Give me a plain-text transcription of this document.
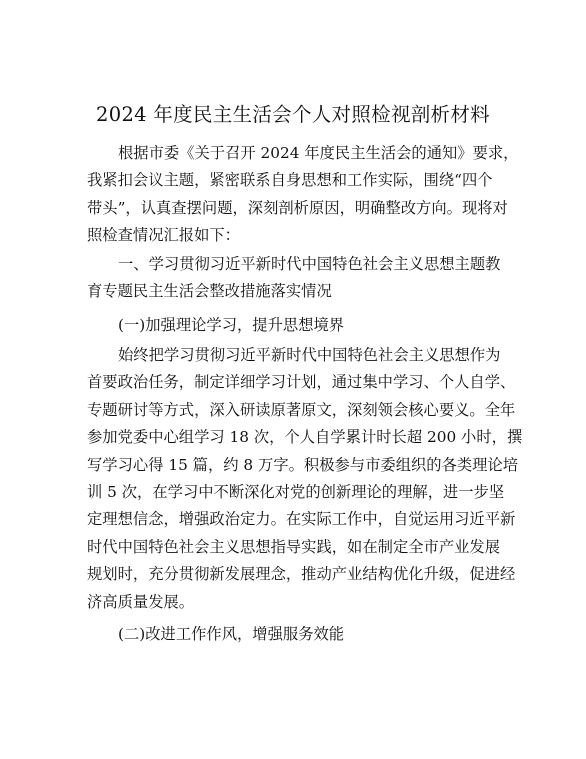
2024 年度民主生活会个人对照检视剖析材料
根据市委《关于召开 2024 年度民主生活会的通知》要求，
我紧扣会议主题，紧密联系自身思想和工作实际，围绕“四个
带头”，认真查摆问题，深刻剖析原因，明确整改方向。现将对
照检查情况汇报如下：
一、学习贯彻习近平新时代中国特色社会主义思想主题教
育专题民主生活会整改措施落实情况
(一)加强理论学习，提升思想境界
始终把学习贯彻习近平新时代中国特色社会主义思想作为
首要政治任务，制定详细学习计划，通过集中学习、个人自学、
专题研讨等方式，深入研读原著原文，深刻领会核心要义。全年
参加党委中心组学习 18 次，个人自学累计时长超 200 小时，撰
写学习心得 15 篇，约 8 万字。积极参与市委组织的各类理论培
训 5 次，在学习中不断深化对党的创新理论的理解，进一步坚
定理想信念，增强政治定力。在实际工作中，自觉运用习近平新
时代中国特色社会主义思想指导实践，如在制定全市产业发展
规划时，充分贯彻新发展理念，推动产业结构优化升级，促进经
济高质量发展。
(二)改进工作作风，增强服务效能
